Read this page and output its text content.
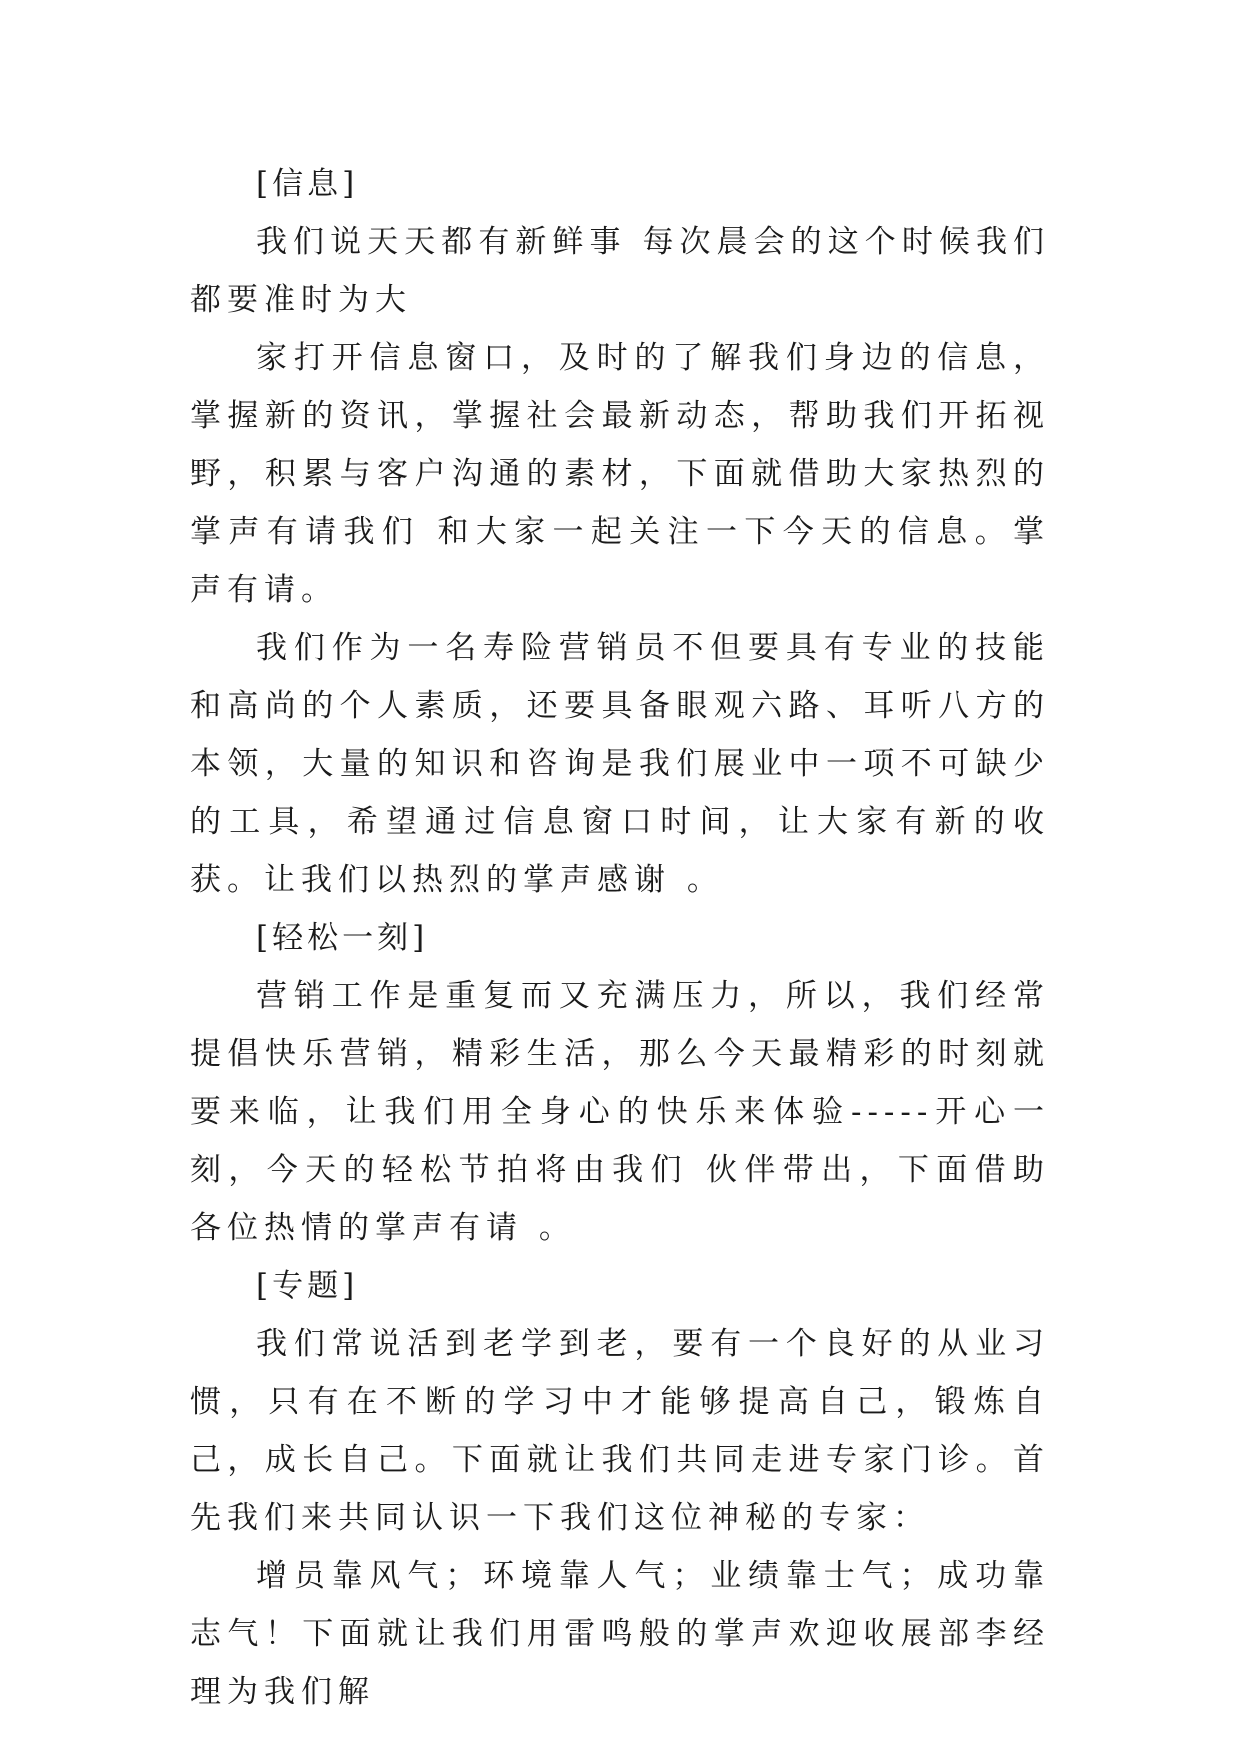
[信息]

我们说天天都有新鲜事 每次晨会的这个时候我们都要准时为大

家打开信息窗口，及时的了解我们身边的信息，掌握新的资讯，掌握社会最新动态，帮助我们开拓视野，积累与客户沟通的素材，下面就借助大家热烈的掌声有请我们 和大家一起关注一下今天的信息。掌声有请。

我们作为一名寿险营销员不但要具有专业的技能和高尚的个人素质，还要具备眼观六路、耳听八方的本领，大量的知识和咨询是我们展业中一项不可缺少的工具，希望通过信息窗口时间，让大家有新的收获。让我们以热烈的掌声感谢 。

[轻松一刻]

营销工作是重复而又充满压力，所以，我们经常提倡快乐营销，精彩生活，那么今天最精彩的时刻就要来临，让我们用全身心的快乐来体验-----开心一刻，今天的轻松节拍将由我们 伙伴带出，下面借助各位热情的掌声有请 。

[专题]

我们常说活到老学到老，要有一个良好的从业习惯，只有在不断的学习中才能够提高自己，锻炼自己，成长自己。下面就让我们共同走进专家门诊。首先我们来共同认识一下我们这位神秘的专家：

增员靠风气；环境靠人气；业绩靠士气；成功靠志气！下面就让我们用雷鸣般的掌声欢迎收展部李经理为我们解
